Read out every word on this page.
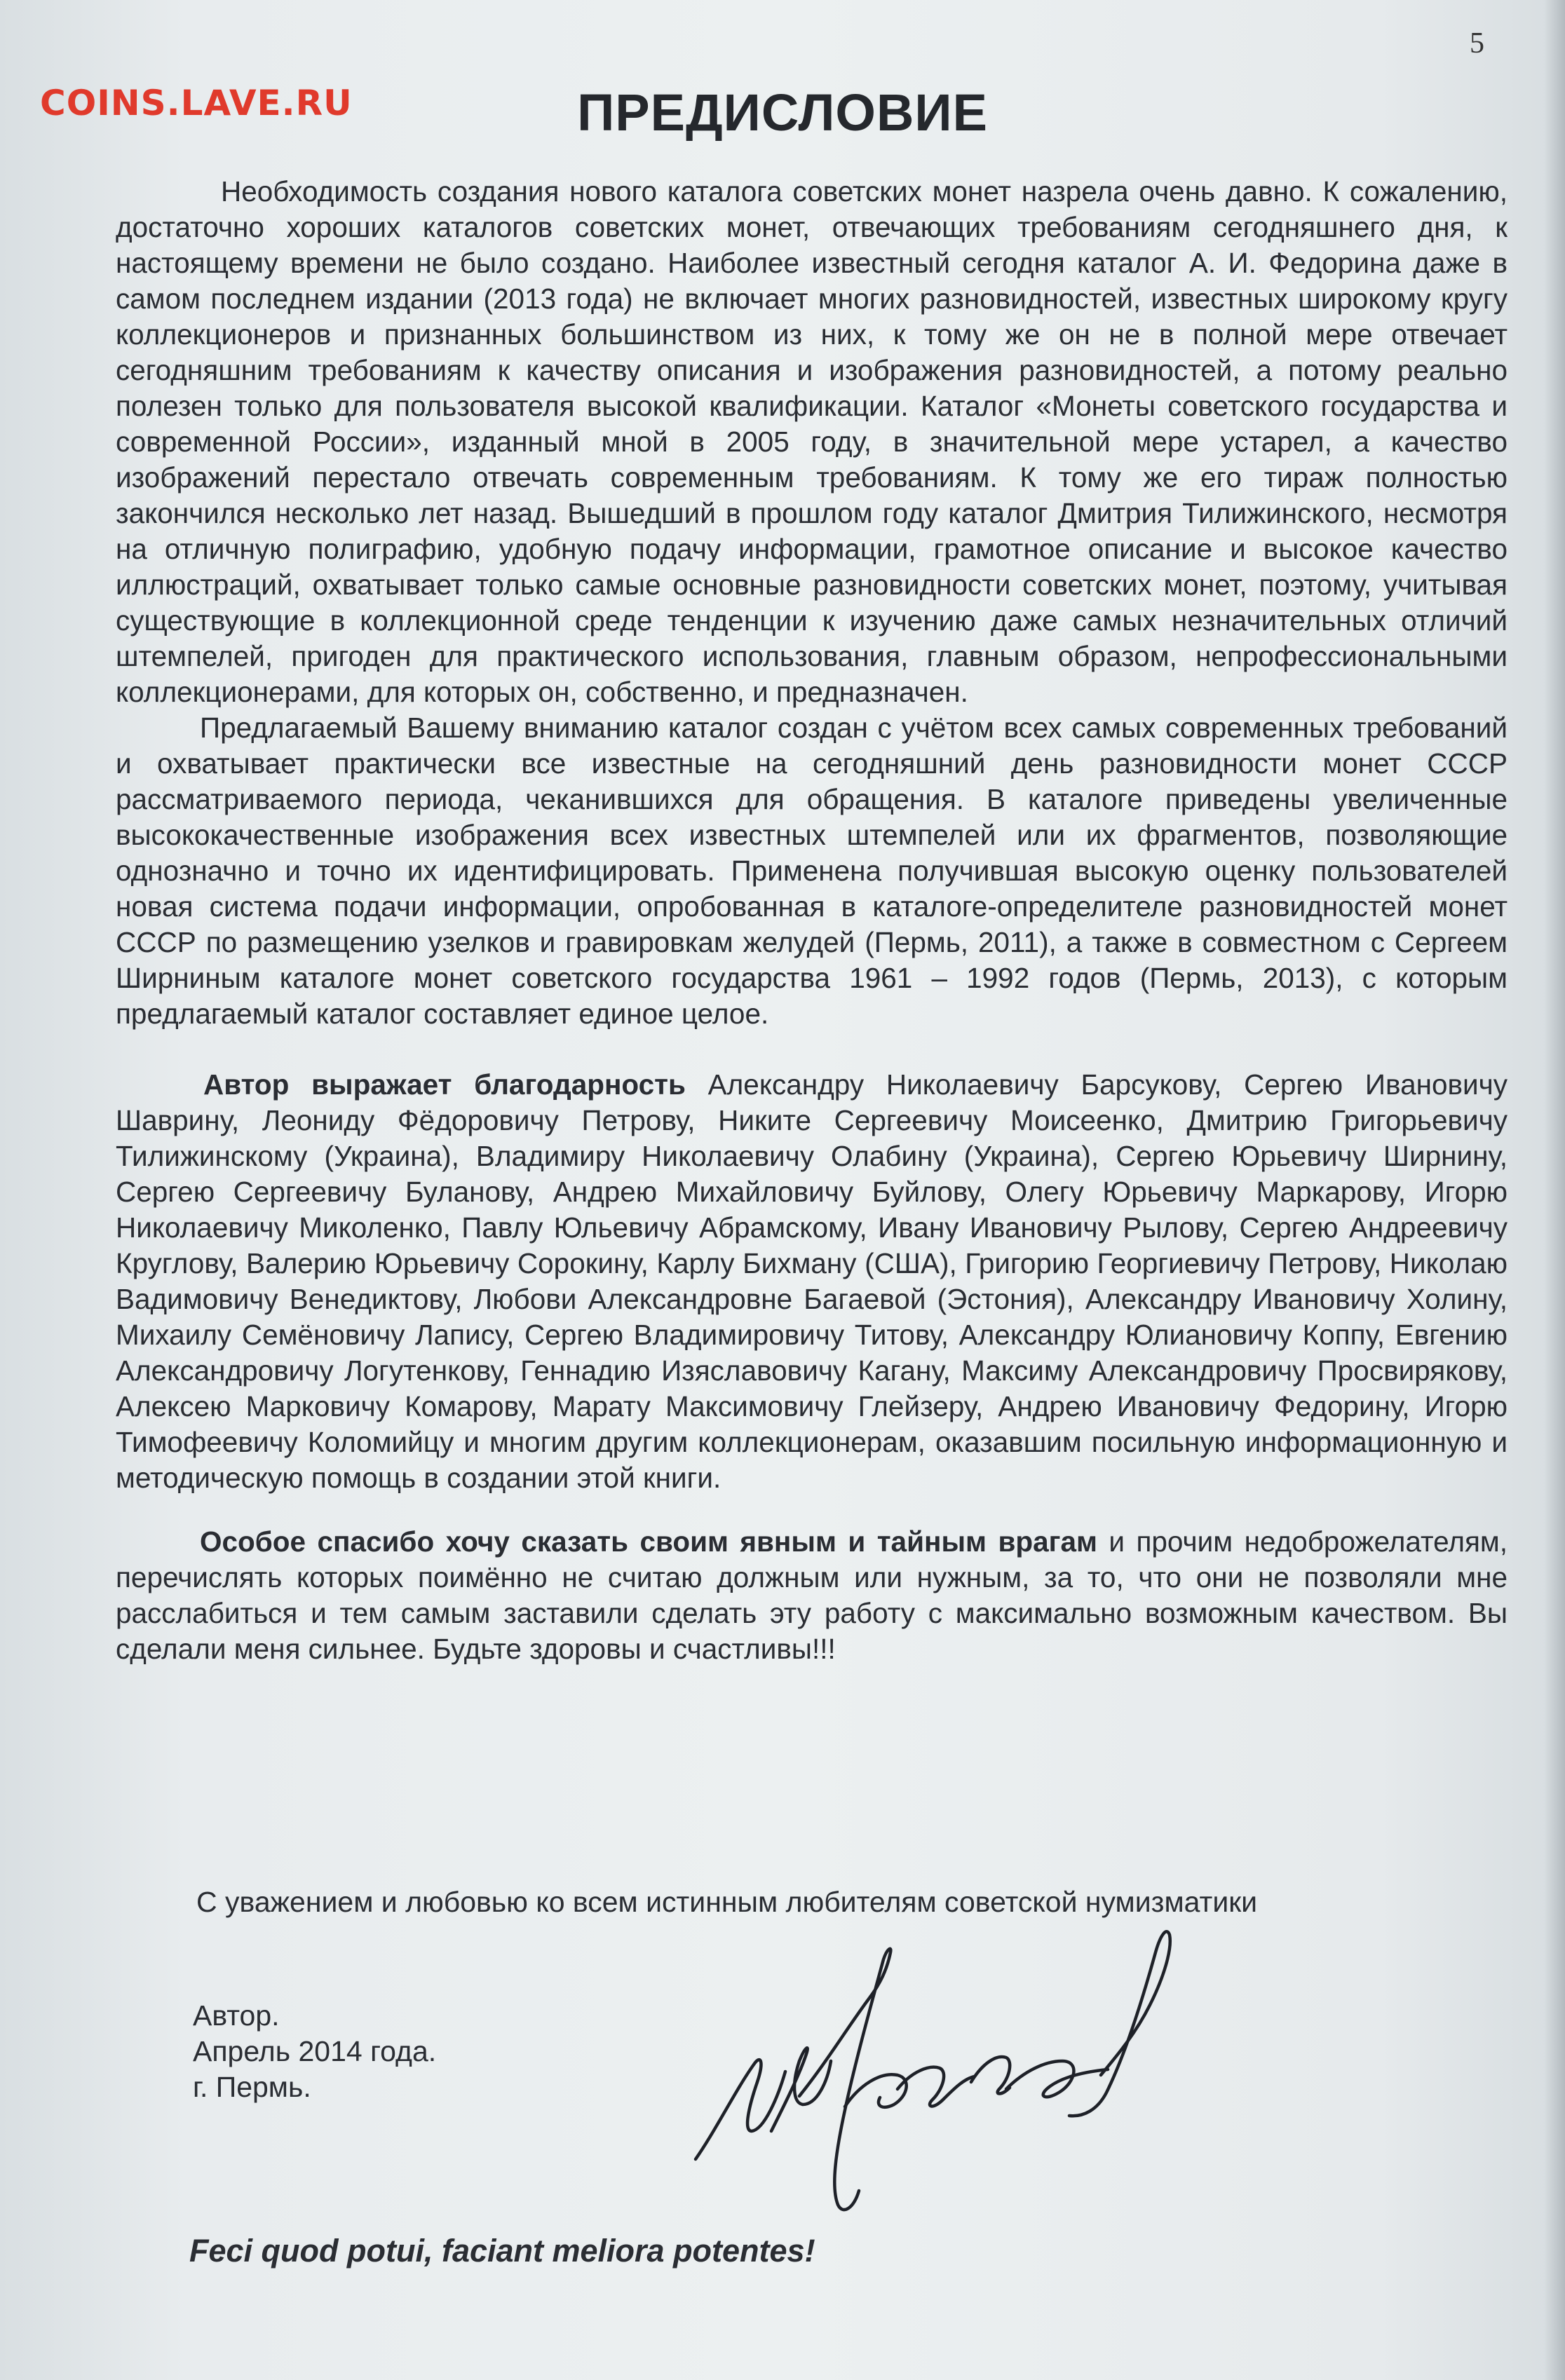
5
COINS.LAVE.RU	ПРЕДИСЛОВИЕ

Необходимость создания нового каталога советских монет назрела очень давно. К сожалению, достаточно хороших каталогов советских монет, отвечающих требованиям сегодняшнего дня, к настоящему времени не было создано. Наиболее известный сегодня каталог А. И. Федорина даже в самом последнем издании (2013 года) не включает многих разновидностей, известных широкому кругу коллекционеров и признанных большинством из них, к тому же он не в полной мере отвечает сегодняшним требованиям к качеству описания и изображения разновидностей, а потому реально полезен только для пользователя высокой квалификации. Каталог «Монеты советского государства и современной России», изданный мной в 2005 году, в значительной мере устарел, а качество изображений перестало отвечать современным требованиям. К тому же его тираж полностью закончился несколько лет назад. Вышедший в прошлом году каталог Дмитрия Тилижинского, несмотря на отличную полиграфию, удобную подачу информации, грамотное описание и высокое качество иллюстраций, охватывает только самые основные разновидности советских монет, поэтому, учитывая существующие в коллекционной среде тенденции к изучению даже самых незначительных отличий штемпелей, пригоден для практического использования, главным образом, непрофессиональными коллекционерами, для которых он, собственно, и предназначен.

Предлагаемый Вашему вниманию каталог создан с учётом всех самых современных требований и охватывает практически все известные на сегодняшний день разновидности монет СССР рассматриваемого периода, чеканившихся для обращения. В каталоге приведены увеличенные высококачественные изображения всех известных штемпелей или их фрагментов, позволяющие однозначно и точно их идентифицировать. Применена получившая высокую оценку пользователей новая система подачи информации, опробованная в каталоге-определителе разновидностей монет СССР по размещению узелков и гравировкам желудей (Пермь, 2011), а также в совместном с Сергеем Ширниным каталоге монет советского государства 1961 – 1992 годов (Пермь, 2013), с которым предлагаемый каталог составляет единое целое.

Автор выражает благодарность Александру Николаевичу Барсукову, Сергею Ивановичу Шаврину, Леониду Фёдоровичу Петрову, Никите Сергеевичу Моисеенко, Дмитрию Григорьевичу Тилижинскому (Украина), Владимиру Николаевичу Олабину (Украина), Сергею Юрьевичу Ширнину, Сергею Сергеевичу Буланову, Андрею Михайловичу Буйлову, Олегу Юрьевичу Маркарову, Игорю Николаевичу Миколенко, Павлу Юльевичу Абрамскому, Ивану Ивановичу Рылову, Сергею Андреевичу Круглову, Валерию Юрьевичу Сорокину, Карлу Бихману (США), Григорию Георгиевичу Петрову, Николаю Вадимовичу Венедиктову, Любови Александровне Багаевой (Эстония), Александру Ивановичу Холину, Михаилу Семёновичу Лапису, Сергею Владимировичу Титову, Александру Юлиановичу Коппу, Евгению Александровичу Логутенкову, Геннадию Изяславовичу Кагану, Максиму Александровичу Просвирякову, Алексею Марковичу Комарову, Марату Максимовичу Глейзеру, Андрею Ивановичу Федорину, Игорю Тимофеевичу Коломийцу и многим другим коллекционерам, оказавшим посильную информационную и методическую помощь в создании этой книги.

Особое спасибо хочу сказать своим явным и тайным врагам и прочим недоброжелателям, перечислять которых поимённо не считаю должным или нужным, за то, что они не позволяли мне расслабиться и тем самым заставили сделать эту работу с максимально возможным качеством. Вы сделали меня сильнее. Будьте здоровы и счастливы!!!

С уважением и любовью ко всем истинным любителям советской нумизматики
Автор.
Апрель 2014 года.
г. Пермь.
Feci quod potui, faciant meliora potentes!
